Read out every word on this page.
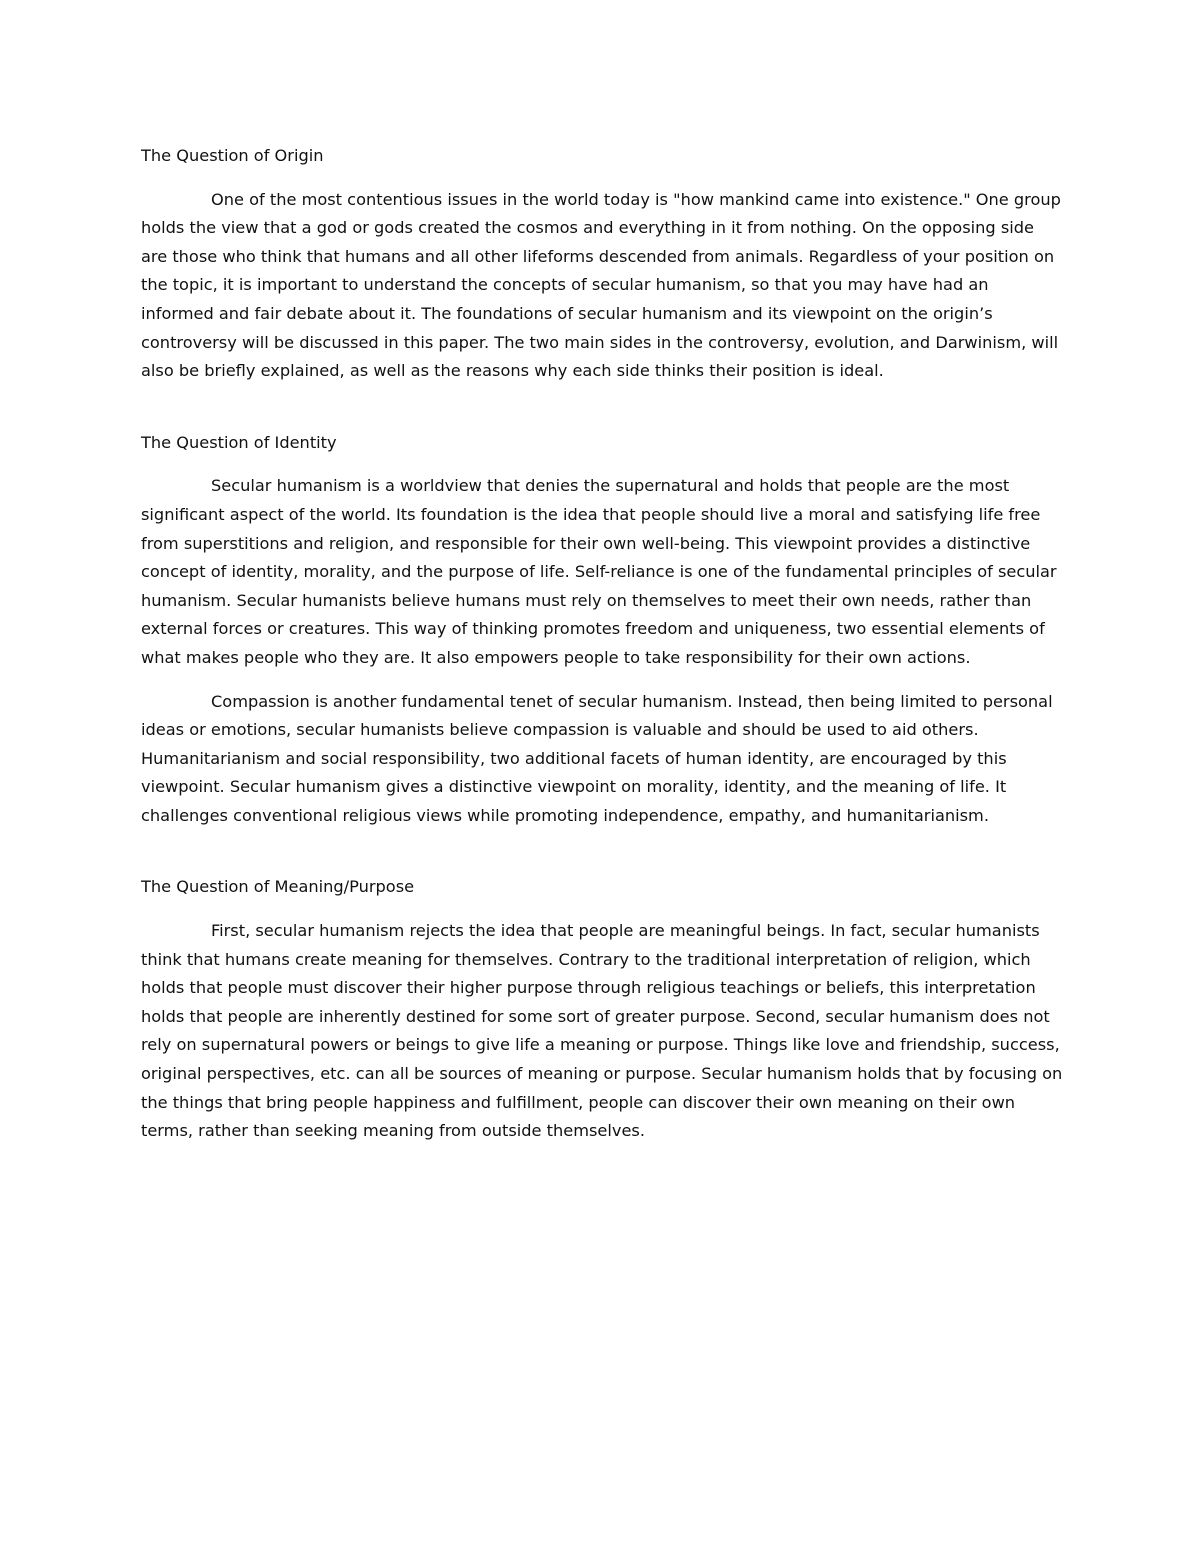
The Question of Origin

One of the most contentious issues in the world today is "how mankind came into existence." One group holds the view that a god or gods created the cosmos and everything in it from nothing. On the opposing side are those who think that humans and all other lifeforms descended from animals. Regardless of your position on the topic, it is important to understand the concepts of secular humanism, so that you may have had an informed and fair debate about it. The foundations of secular humanism and its viewpoint on the origin’s controversy will be discussed in this paper. The two main sides in the controversy, evolution, and Darwinism, will also be briefly explained, as well as the reasons why each side thinks their position is ideal.

The Question of Identity

Secular humanism is a worldview that denies the supernatural and holds that people are the most significant aspect of the world. Its foundation is the idea that people should live a moral and satisfying life free from superstitions and religion, and responsible for their own well-being. This viewpoint provides a distinctive concept of identity, morality, and the purpose of life. Self-reliance is one of the fundamental principles of secular humanism. Secular humanists believe humans must rely on themselves to meet their own needs, rather than external forces or creatures. This way of thinking promotes freedom and uniqueness, two essential elements of what makes people who they are. It also empowers people to take responsibility for their own actions.

Compassion is another fundamental tenet of secular humanism. Instead, then being limited to personal ideas or emotions, secular humanists believe compassion is valuable and should be used to aid others. Humanitarianism and social responsibility, two additional facets of human identity, are encouraged by this viewpoint. Secular humanism gives a distinctive viewpoint on morality, identity, and the meaning of life. It challenges conventional religious views while promoting independence, empathy, and humanitarianism.

The Question of Meaning/Purpose

First, secular humanism rejects the idea that people are meaningful beings. In fact, secular humanists think that humans create meaning for themselves. Contrary to the traditional interpretation of religion, which holds that people must discover their higher purpose through religious teachings or beliefs, this interpretation holds that people are inherently destined for some sort of greater purpose. Second, secular humanism does not rely on supernatural powers or beings to give life a meaning or purpose. Things like love and friendship, success, original perspectives, etc. can all be sources of meaning or purpose. Secular humanism holds that by focusing on the things that bring people happiness and fulfillment, people can discover their own meaning on their own terms, rather than seeking meaning from outside themselves.
